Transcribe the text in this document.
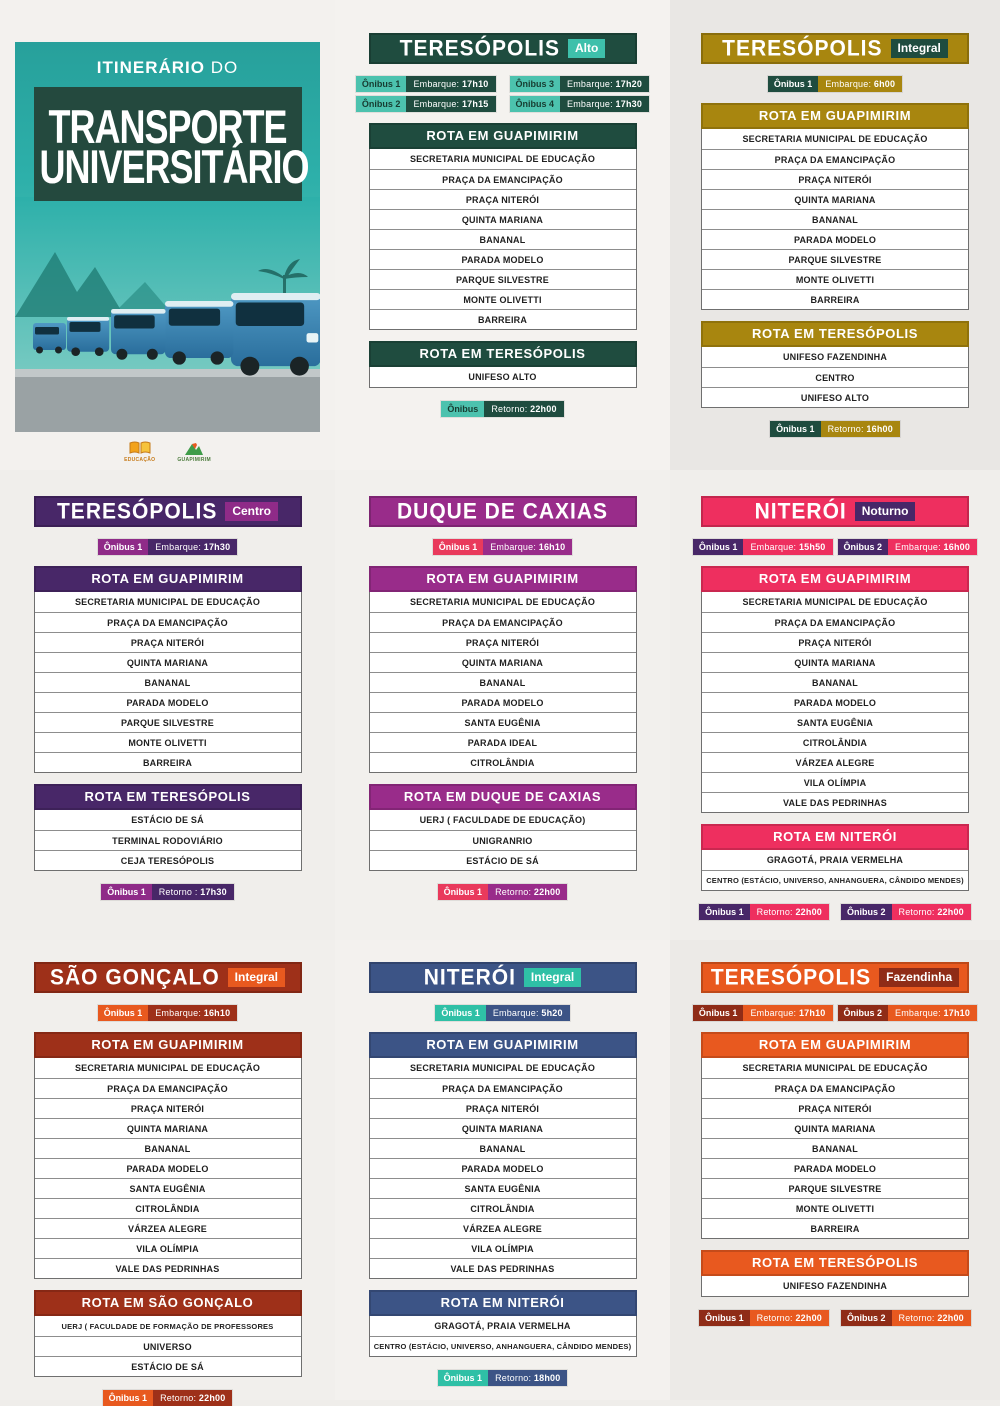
ITINERÁRIO DO
TRANSPORTE
UNIVERSITÁRIO
EDUCAÇÃO	GUAPIMIRIM
TERESÓPOLIS	Alto
Ônibus 1	Embarque: 17h10	Ônibus 3	Embarque: 17h20
Ônibus 2	Embarque: 17h15	Ônibus 4	Embarque: 17h30
ROTA EM GUAPIMIRIM
SECRETARIA MUNICIPAL DE EDUCAÇÃO
PRAÇA DA EMANCIPAÇÃO
PRAÇA NITERÓI
QUINTA MARIANA
BANANAL
PARADA MODELO
PARQUE SILVESTRE
MONTE OLIVETTI
BARREIRA
ROTA EM TERESÓPOLIS
UNIFESO ALTO
Ônibus	Retorno: 22h00
TERESÓPOLIS	Integral
Ônibus 1	Embarque: 6h00
ROTA EM GUAPIMIRIM
SECRETARIA MUNICIPAL DE EDUCAÇÃO
PRAÇA DA EMANCIPAÇÃO
PRAÇA NITERÓI
QUINTA MARIANA
BANANAL
PARADA MODELO
PARQUE SILVESTRE
MONTE OLIVETTI
BARREIRA
ROTA EM TERESÓPOLIS
UNIFESO FAZENDINHA
CENTRO
UNIFESO ALTO
Ônibus 1	Retorno: 16h00
TERESÓPOLIS	Centro
Ônibus 1	Embarque: 17h30
ROTA EM GUAPIMIRIM
SECRETARIA MUNICIPAL DE EDUCAÇÃO
PRAÇA DA EMANCIPAÇÃO
PRAÇA NITERÓI
QUINTA MARIANA
BANANAL
PARADA MODELO
PARQUE SILVESTRE
MONTE OLIVETTI
BARREIRA
ROTA EM TERESÓPOLIS
ESTÁCIO DE SÁ
TERMINAL RODOVIÁRIO
CEJA TERESÓPOLIS
Ônibus 1	Retorno : 17h30
DUQUE DE CAXIAS
Ônibus 1	Embarque: 16h10
ROTA EM GUAPIMIRIM
SECRETARIA MUNICIPAL DE EDUCAÇÃO
PRAÇA DA EMANCIPAÇÃO
PRAÇA NITERÓI
QUINTA MARIANA
BANANAL
PARADA MODELO
SANTA EUGÊNIA
PARADA IDEAL
CITROLÂNDIA
ROTA EM DUQUE DE CAXIAS
UERJ ( FACULDADE DE EDUCAÇÃO)
UNIGRANRIO
ESTÁCIO DE SÁ
Ônibus 1	Retorno: 22h00
NITERÓI	Noturno
Ônibus 1	Embarque: 15h50	Ônibus 2	Embarque: 16h00
ROTA EM GUAPIMIRIM
SECRETARIA MUNICIPAL DE EDUCAÇÃO
PRAÇA DA EMANCIPAÇÃO
PRAÇA NITERÓI
QUINTA MARIANA
BANANAL
PARADA MODELO
SANTA EUGÊNIA
CITROLÂNDIA
VÁRZEA ALEGRE
VILA OLÍMPIA
VALE DAS PEDRINHAS
ROTA EM NITERÓI
GRAGOTÁ, PRAIA VERMELHA
CENTRO (ESTÁCIO, UNIVERSO, ANHANGUERA, CÂNDIDO MENDES)
Ônibus 1	Retorno: 22h00	Ônibus 2	Retorno: 22h00
SÃO GONÇALO	Integral
Ônibus 1	Embarque: 16h10
ROTA EM GUAPIMIRIM
SECRETARIA MUNICIPAL DE EDUCAÇÃO
PRAÇA DA EMANCIPAÇÃO
PRAÇA NITERÓI
QUINTA MARIANA
BANANAL
PARADA MODELO
SANTA EUGÊNIA
CITROLÂNDIA
VÁRZEA ALEGRE
VILA OLÍMPIA
VALE DAS PEDRINHAS
ROTA EM SÃO GONÇALO
UERJ ( FACULDADE DE FORMAÇÃO DE PROFESSORES
UNIVERSO
ESTÁCIO DE SÁ
Ônibus 1	Retorno: 22h00
NITERÓI	Integral
Ônibus 1	Embarque: 5h20
ROTA EM GUAPIMIRIM
SECRETARIA MUNICIPAL DE EDUCAÇÃO
PRAÇA DA EMANCIPAÇÃO
PRAÇA NITERÓI
QUINTA MARIANA
BANANAL
PARADA MODELO
SANTA EUGÊNIA
CITROLÂNDIA
VÁRZEA ALEGRE
VILA OLÍMPIA
VALE DAS PEDRINHAS
ROTA EM NITERÓI
GRAGOTÁ, PRAIA VERMELHA
CENTRO (ESTÁCIO, UNIVERSO, ANHANGUERA, CÂNDIDO MENDES)
Ônibus 1	Retorno: 18h00
TERESÓPOLIS	Fazendinha
Ônibus 1	Embarque: 17h10	Ônibus 2	Embarque: 17h10
ROTA EM GUAPIMIRIM
SECRETARIA MUNICIPAL DE EDUCAÇÃO
PRAÇA DA EMANCIPAÇÃO
PRAÇA NITERÓI
QUINTA MARIANA
BANANAL
PARADA MODELO
PARQUE SILVESTRE
MONTE OLIVETTI
BARREIRA
ROTA EM TERESÓPOLIS
UNIFESO FAZENDINHA
Ônibus 1	Retorno: 22h00	Ônibus 2	Retorno: 22h00
